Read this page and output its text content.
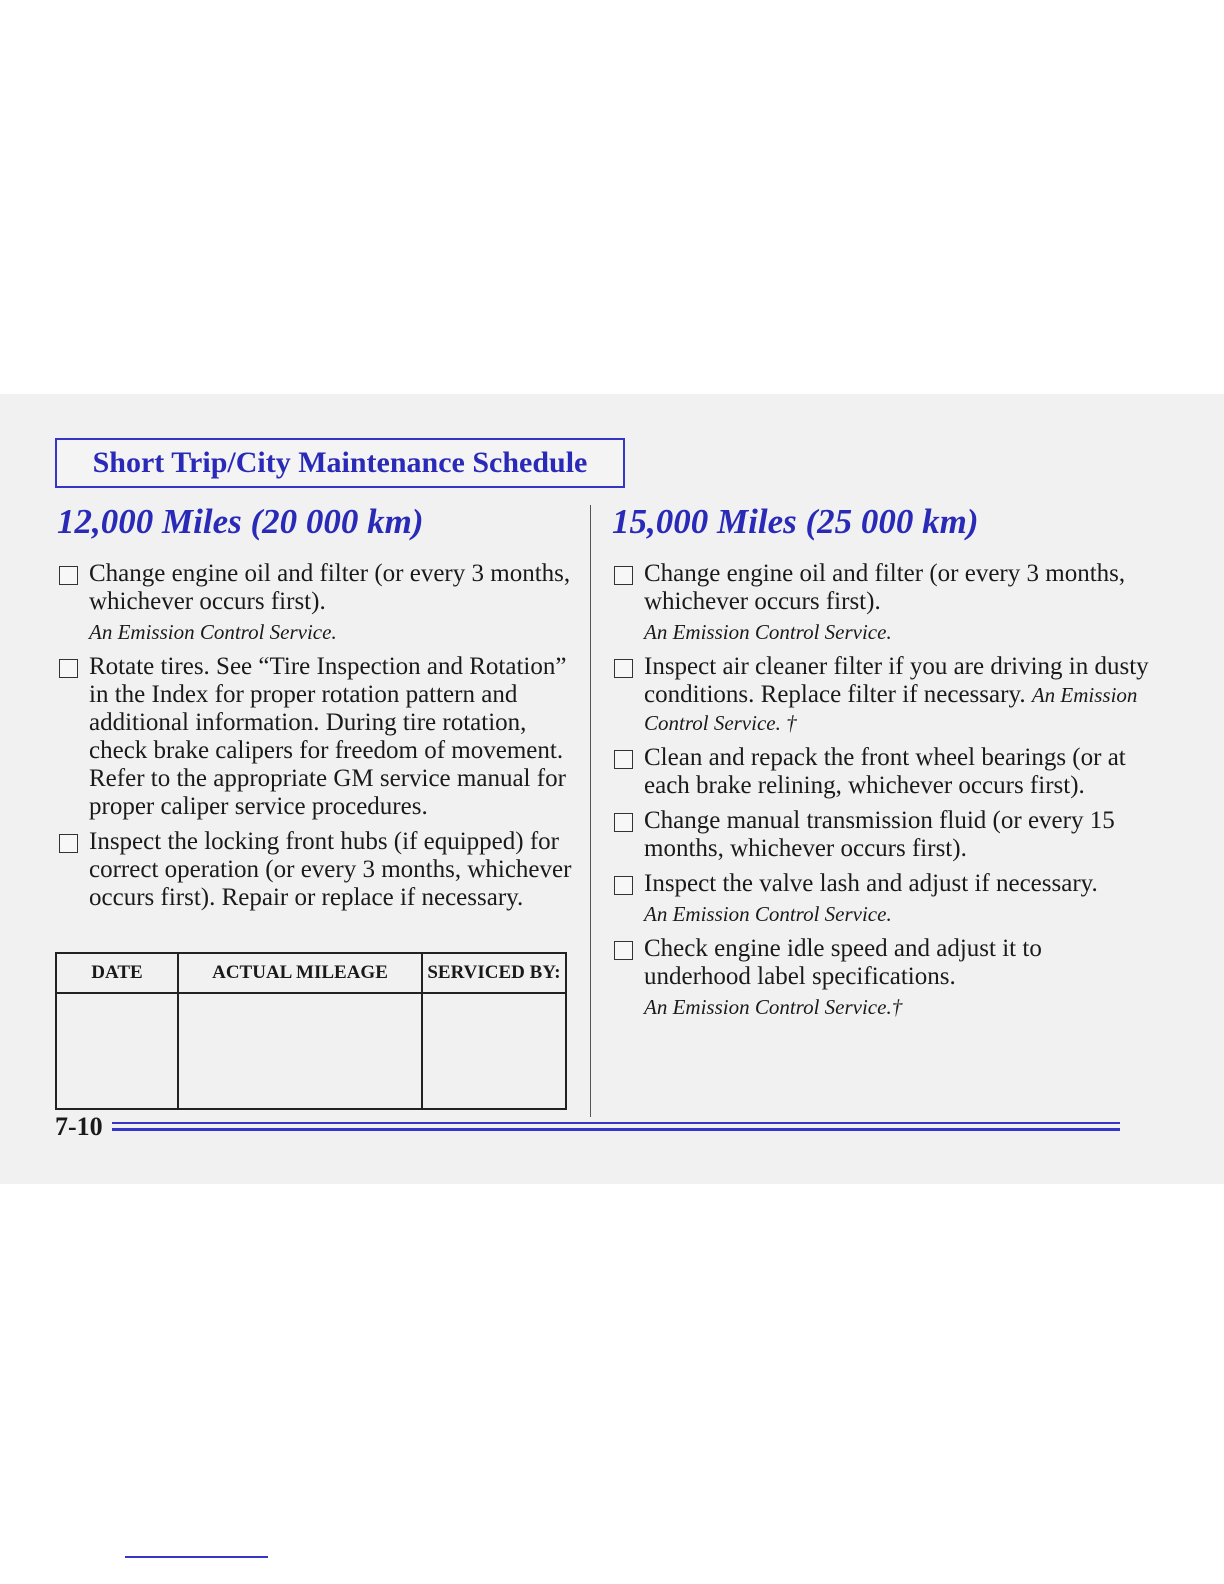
Short Trip/City Maintenance Schedule
12,000 Miles (20 000 km)
Change engine oil and filter (or every 3 months, whichever occurs first).
An Emission Control Service.
Rotate tires. See “Tire Inspection and Rotation” in the Index for proper rotation pattern and additional information. During tire rotation, check brake calipers for freedom of movement. Refer to the appropriate GM service manual for proper caliper service procedures.
Inspect the locking front hubs (if equipped) for correct operation (or every 3 months, whichever occurs first). Repair or replace if necessary.
DATE	ACTUAL MILEAGE	SERVICED BY:

15,000 Miles (25 000 km)
Change engine oil and filter (or every 3 months, whichever occurs first).
An Emission Control Service.
Inspect air cleaner filter if you are driving in dusty conditions. Replace filter if necessary. An Emission Control Service. †
Clean and repack the front wheel bearings (or at each brake relining, whichever occurs first).
Change manual transmission fluid (or every 15 months, whichever occurs first).
Inspect the valve lash and adjust if necessary.
An Emission Control Service.
Check engine idle speed and adjust it to underhood label specifications.
An Emission Control Service.†
7-10
